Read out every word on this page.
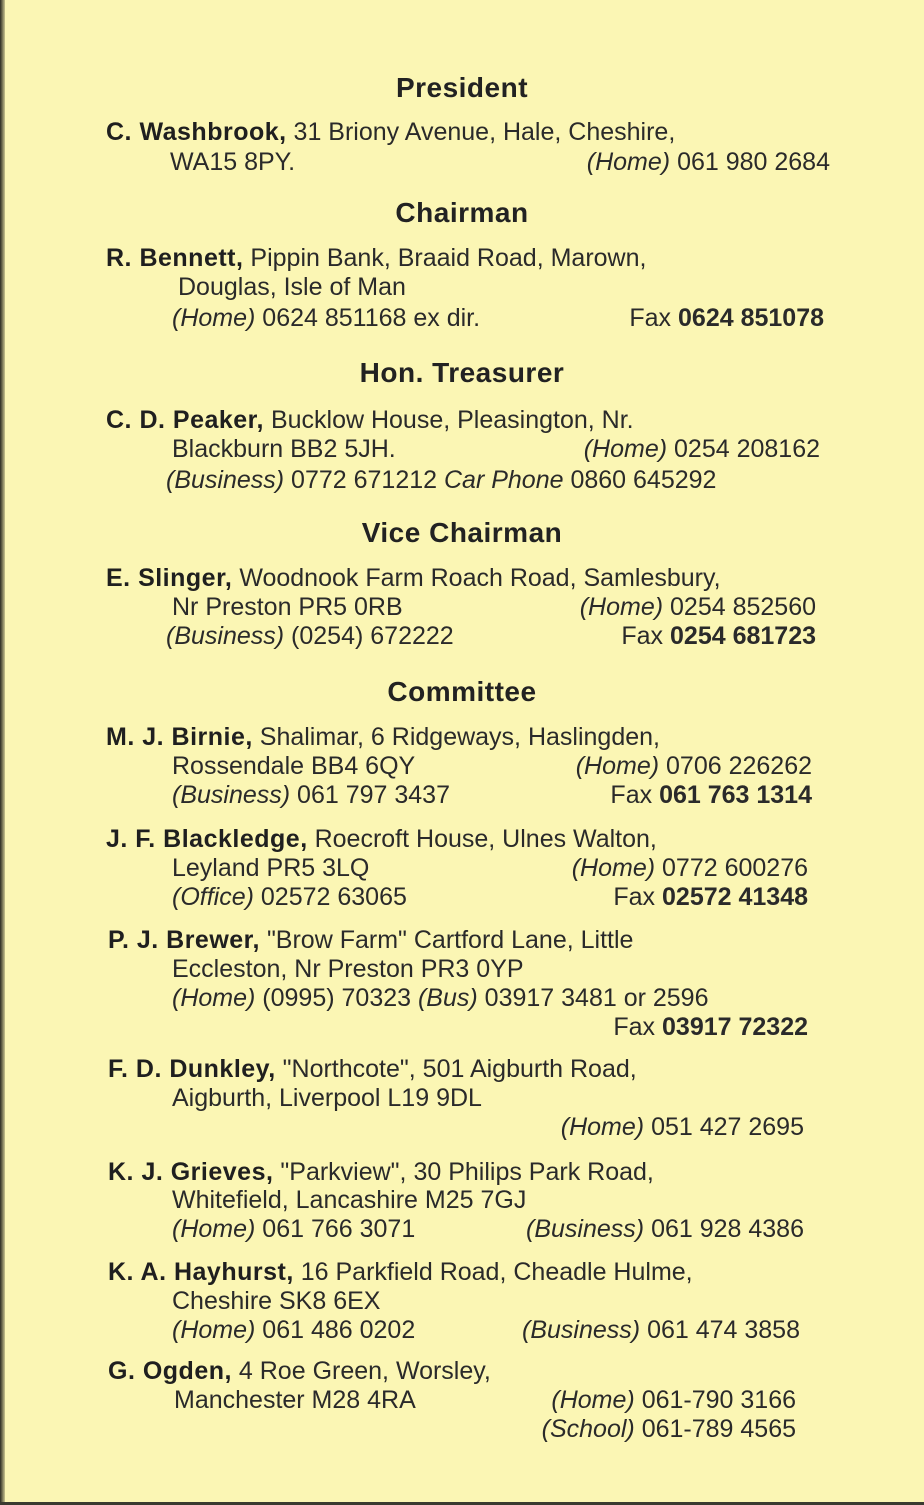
President
C. Washbrook, 31 Briony Avenue, Hale, Cheshire,
WA15 8PY.	(Home) 061 980 2684
Chairman
R. Bennett, Pippin Bank, Braaid Road, Marown,
Douglas, Isle of Man
(Home) 0624 851168 ex dir.	Fax 0624 851078
Hon. Treasurer
C. D. Peaker, Bucklow House, Pleasington, Nr.
Blackburn BB2 5JH.	(Home) 0254 208162
(Business) 0772 671212 Car Phone 0860 645292
Vice Chairman
E. Slinger, Woodnook Farm Roach Road, Samlesbury,
Nr Preston PR5 0RB	(Home) 0254 852560
(Business) (0254) 672222	Fax 0254 681723
Committee
M. J. Birnie, Shalimar, 6 Ridgeways, Haslingden,
Rossendale BB4 6QY	(Home) 0706 226262
(Business) 061 797 3437	Fax 061 763 1314
J. F. Blackledge, Roecroft House, Ulnes Walton,
Leyland PR5 3LQ	(Home) 0772 600276
(Office) 02572 63065	Fax 02572 41348
P. J. Brewer, "Brow Farm" Cartford Lane, Little
Eccleston, Nr Preston PR3 0YP
(Home) (0995) 70323 (Bus) 03917 3481 or 2596
Fax 03917 72322
F. D. Dunkley, "Northcote", 501 Aigburth Road,
Aigburth, Liverpool L19 9DL
(Home) 051 427 2695
K. J. Grieves, "Parkview", 30 Philips Park Road,
Whitefield, Lancashire M25 7GJ
(Home) 061 766 3071	(Business) 061 928 4386
K. A. Hayhurst, 16 Parkfield Road, Cheadle Hulme,
Cheshire SK8 6EX
(Home) 061 486 0202	(Business) 061 474 3858
G. Ogden, 4 Roe Green, Worsley,
Manchester M28 4RA	(Home) 061-790 3166
(School) 061-789 4565
